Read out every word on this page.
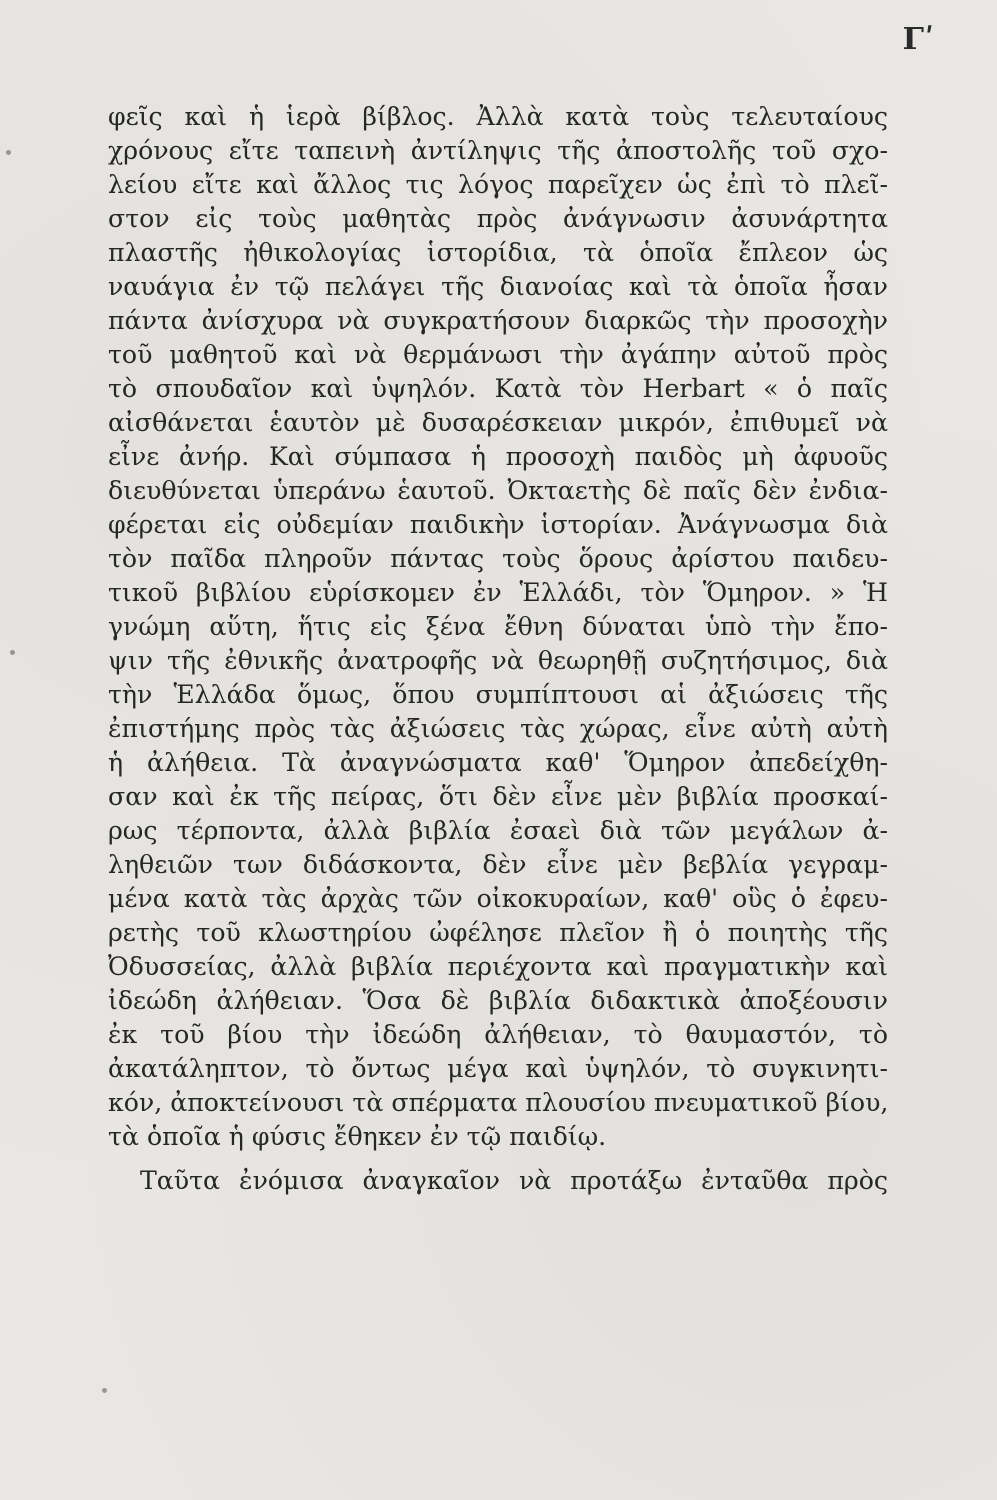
Γʹ
φεῖς καὶ ἡ ἱερὰ βίβλος. Ἀλλὰ κατὰ τοὺς τελευταίους
χρόνους εἴτε ταπεινὴ ἀντίληψις τῆς ἀποστολῆς τοῦ σχο-
λείου εἴτε καὶ ἄλλος τις λόγος παρεῖχεν ὡς ἐπὶ τὸ πλεῖ-
στον εἰς τοὺς μαθητὰς πρὸς ἀνάγνωσιν ἀσυνάρτητα
πλαστῆς ἠθικολογίας ἱστορίδια, τὰ ὁποῖα ἔπλεον ὡς
ναυάγια ἐν τῷ πελάγει τῆς διανοίας καὶ τὰ ὁποῖα ἦσαν
πάντα ἀνίσχυρα νὰ συγκρατήσουν διαρκῶς τὴν προσοχὴν
τοῦ μαθητοῦ καὶ νὰ θερμάνωσι τὴν ἀγάπην αὐτοῦ πρὸς
τὸ σπουδαῖον καὶ ὑψηλόν. Κατὰ τὸν Herbart « ὁ παῖς
αἰσθάνεται ἑαυτὸν μὲ δυσαρέσκειαν μικρόν, ἐπιθυμεῖ νὰ
εἶνε ἀνήρ. Καὶ σύμπασα ἡ προσοχὴ παιδὸς μὴ ἀφυοῦς
διευθύνεται ὑπεράνω ἑαυτοῦ. Ὀκταετὴς δὲ παῖς δὲν ἐνδια-
φέρεται εἰς οὐδεμίαν παιδικὴν ἱστορίαν. Ἀνάγνωσμα διὰ
τὸν παῖδα πληροῦν πάντας τοὺς ὅρους ἀρίστου παιδευ-
τικοῦ βιβλίου εὑρίσκομεν ἐν Ἑλλάδι, τὸν Ὅμηρον. » Ἡ
γνώμη αὕτη, ἥτις εἰς ξένα ἔθνη δύναται ὑπὸ τὴν ἔπο-
ψιν τῆς ἐθνικῆς ἀνατροφῆς νὰ θεωρηθῇ συζητήσιμος, διὰ
τὴν Ἑλλάδα ὅμως, ὅπου συμπίπτουσι αἱ ἀξιώσεις τῆς
ἐπιστήμης πρὸς τὰς ἀξιώσεις τὰς χώρας, εἶνε αὐτὴ αὐτὴ
ἡ ἀλήθεια. Τὰ ἀναγνώσματα καθ' Ὅμηρον ἀπεδείχθη-
σαν καὶ ἐκ τῆς πείρας, ὅτι δὲν εἶνε μὲν βιβλία προσκαί-
ρως τέρποντα, ἀλλὰ βιβλία ἐσαεὶ διὰ τῶν μεγάλων ἀ-
ληθειῶν των διδάσκοντα, δὲν εἶνε μὲν βεβλία γεγραμ-
μένα κατὰ τὰς ἀρχὰς τῶν οἰκοκυραίων, καθ' οὓς ὁ ἐφευ-
ρετὴς τοῦ κλωστηρίου ὠφέλησε πλεῖον ἢ ὁ ποιητὴς τῆς
Ὀδυσσείας, ἀλλὰ βιβλία περιέχοντα καὶ πραγματικὴν καὶ
ἰδεώδη ἀλήθειαν. Ὅσα δὲ βιβλία διδακτικὰ ἀποξέουσιν
ἐκ τοῦ βίου τὴν ἰδεώδη ἀλήθειαν, τὸ θαυμαστόν, τὸ
ἀκατάληπτον, τὸ ὄντως μέγα καὶ ὑψηλόν, τὸ συγκινητι-
κόν, ἀποκτείνουσι τὰ σπέρματα πλουσίου πνευματικοῦ βίου,
τὰ ὁποῖα ἡ φύσις ἔθηκεν ἐν τῷ παιδίῳ.
Ταῦτα ἐνόμισα ἀναγκαῖον νὰ προτάξω ἐνταῦθα πρὸς
